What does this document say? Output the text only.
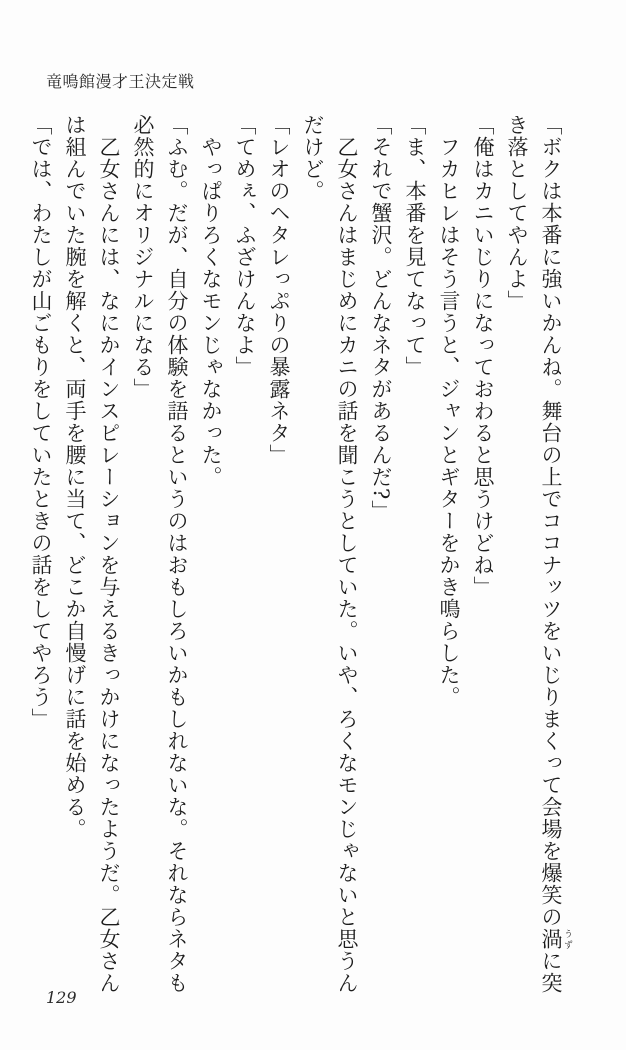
竜鳴館漫才王決定戦

「ボクは本番に強いかんね。舞台の上でココナッツをいじりまくって会場を爆笑の渦 うずに突き落としてやんよ」

「俺はカニいじりになっておわると思うけどね」

フカヒレはそう言うと、ジャンとギターをかき鳴らした。

「ま、本番を見てなって」

「それで蟹沢。どんなネタがあるんだ?」

乙女さんはまじめにカニの話を聞こうとしていた。いや、ろくなモンじゃないと思うんだけど。

「レオのヘタレっぷりの暴露ネタ」

「てめぇ、ふざけんなよ」

やっぱりろくなモンじゃなかった。

「ふむ。だが、自分の体験を語るというのはおもしろいかもしれないな。それならネタも必然的にオリジナルになる」

乙女さんには、なにかインスピレーションを与えるきっかけになったようだ。乙女さんは組んでいた腕を解くと、両手を腰に当て、どこか自慢げに話を始める。

「では、わたしが山ごもりをしていたときの話をしてやろう」

129
